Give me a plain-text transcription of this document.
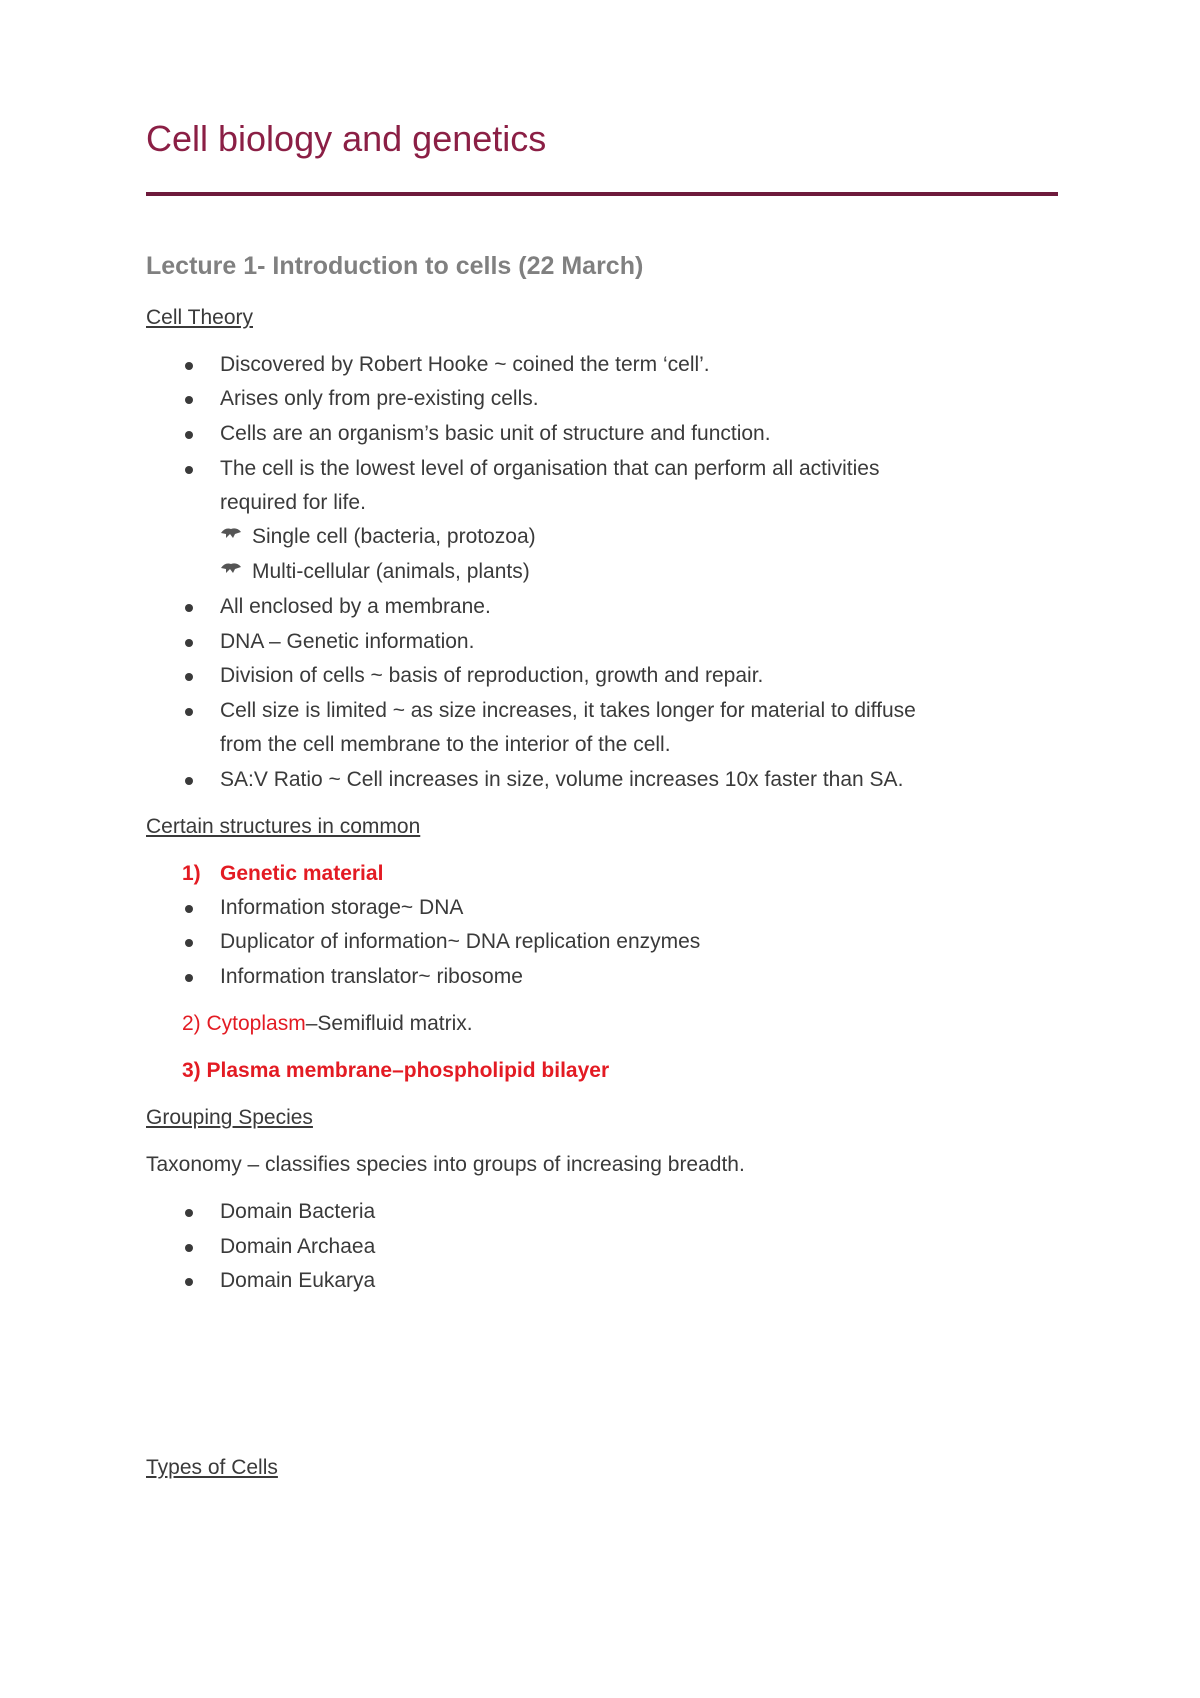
Cell biology and genetics
Lecture 1- Introduction to cells (22 March)
Cell Theory
Discovered by Robert Hooke ~ coined the term ‘cell’.
Arises only from pre-existing cells.
Cells are an organism’s basic unit of structure and function.
The cell is the lowest level of organisation that can perform all activities
required for life.
Single cell (bacteria, protozoa)
Multi-cellular (animals, plants)
All enclosed by a membrane.
DNA – Genetic information.
Division of cells ~ basis of reproduction, growth and repair.
Cell size is limited ~ as size increases, it takes longer for material to diffuse
from the cell membrane to the interior of the cell.
SA:V Ratio ~ Cell increases in size, volume increases 10x faster than SA.
Certain structures in common
1) Genetic material
Information storage~ DNA
Duplicator of information~ DNA replication enzymes
Information translator~ ribosome
2) Cytoplasm–Semifluid matrix.
3) Plasma membrane–phospholipid bilayer
Grouping Species
Taxonomy – classifies species into groups of increasing breadth.
Domain Bacteria
Domain Archaea
Domain Eukarya
Types of Cells
